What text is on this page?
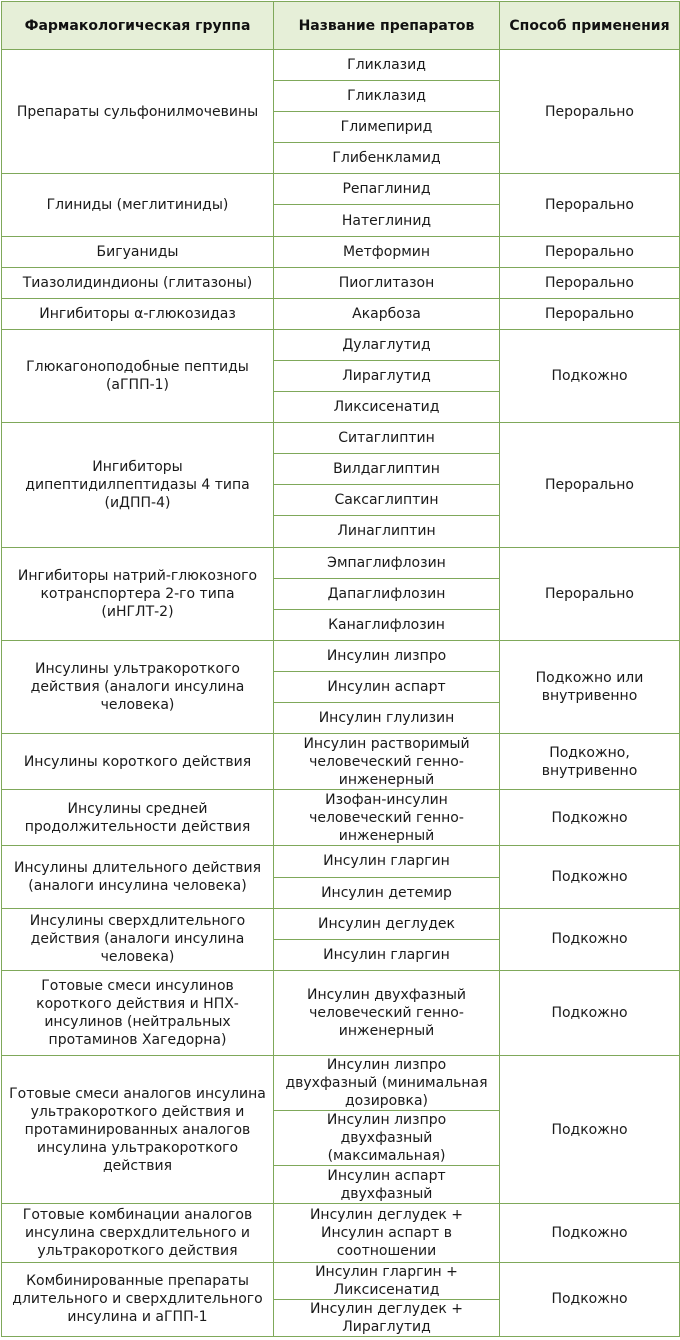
Фармакологическая группа	Название препаратов	Способ применения
Препараты сульфонилмочевины	Гликлазид	Перорально
	Гликлазид	
	Глимепирид	
	Глибенкламид	
Глиниды (меглитиниды)	Репаглинид	Перорально
	Натеглинид	
Бигуаниды	Метформин	Перорально
Тиазолидиндионы (глитазоны)	Пиоглитазон	Перорально
Ингибиторы α-глюкозидаз	Акарбоза	Перорально
Глюкагоноподобные пептиды (аГПП-1)	Дулаглутид	Подкожно
	Лираглутид	
	Ликсисенатид	
Ингибиторы дипептидилпептидазы 4 типа (иДПП-4)	Ситаглиптин	Перорально
	Вилдаглиптин	
	Саксаглиптин	
	Линаглиптин	
Ингибиторы натрий-глюкозного котранспортера 2-го типа (иНГЛТ-2)	Эмпаглифлозин	Перорально
	Дапаглифлозин	
	Канаглифлозин	
Инсулины ультракороткого действия (аналоги инсулина человека)	Инсулин лизпро	Подкожно или внутривенно
	Инсулин аспарт	
	Инсулин глулизин	
Инсулины короткого действия	Инсулин растворимый человеческий генно-инженерный	Подкожно, внутривенно
Инсулины средней продолжительности действия	Изофан-инсулин человеческий генно-инженерный	Подкожно
Инсулины длительного действия (аналоги инсулина человека)	Инсулин гларгин	Подкожно
	Инсулин детемир	
Инсулины сверхдлительного действия (аналоги инсулина человека)	Инсулин деглудек	Подкожно
	Инсулин гларгин	
Готовые смеси инсулинов короткого действия и НПХ-инсулинов (нейтральных протаминов Хагедорна)	Инсулин двухфазный человеческий генно-инженерный	Подкожно
Готовые смеси аналогов инсулина ультракороткого действия и протаминированных аналогов инсулина ультракороткого действия	Инсулин лизпро двухфазный (минимальная дозировка)	Подкожно
	Инсулин лизпро двухфазный (максимальная)	
	Инсулин аспарт двухфазный	
Готовые комбинации аналогов инсулина сверхдлительного и ультракороткого действия	Инсулин деглудек + Инсулин аспарт в соотношении	Подкожно
Комбинированные препараты длительного и сверхдлительного инсулина и аГПП-1	Инсулин гларгин + Ликсисенатид	Подкожно
	Инсулин деглудек + Лираглутид	
